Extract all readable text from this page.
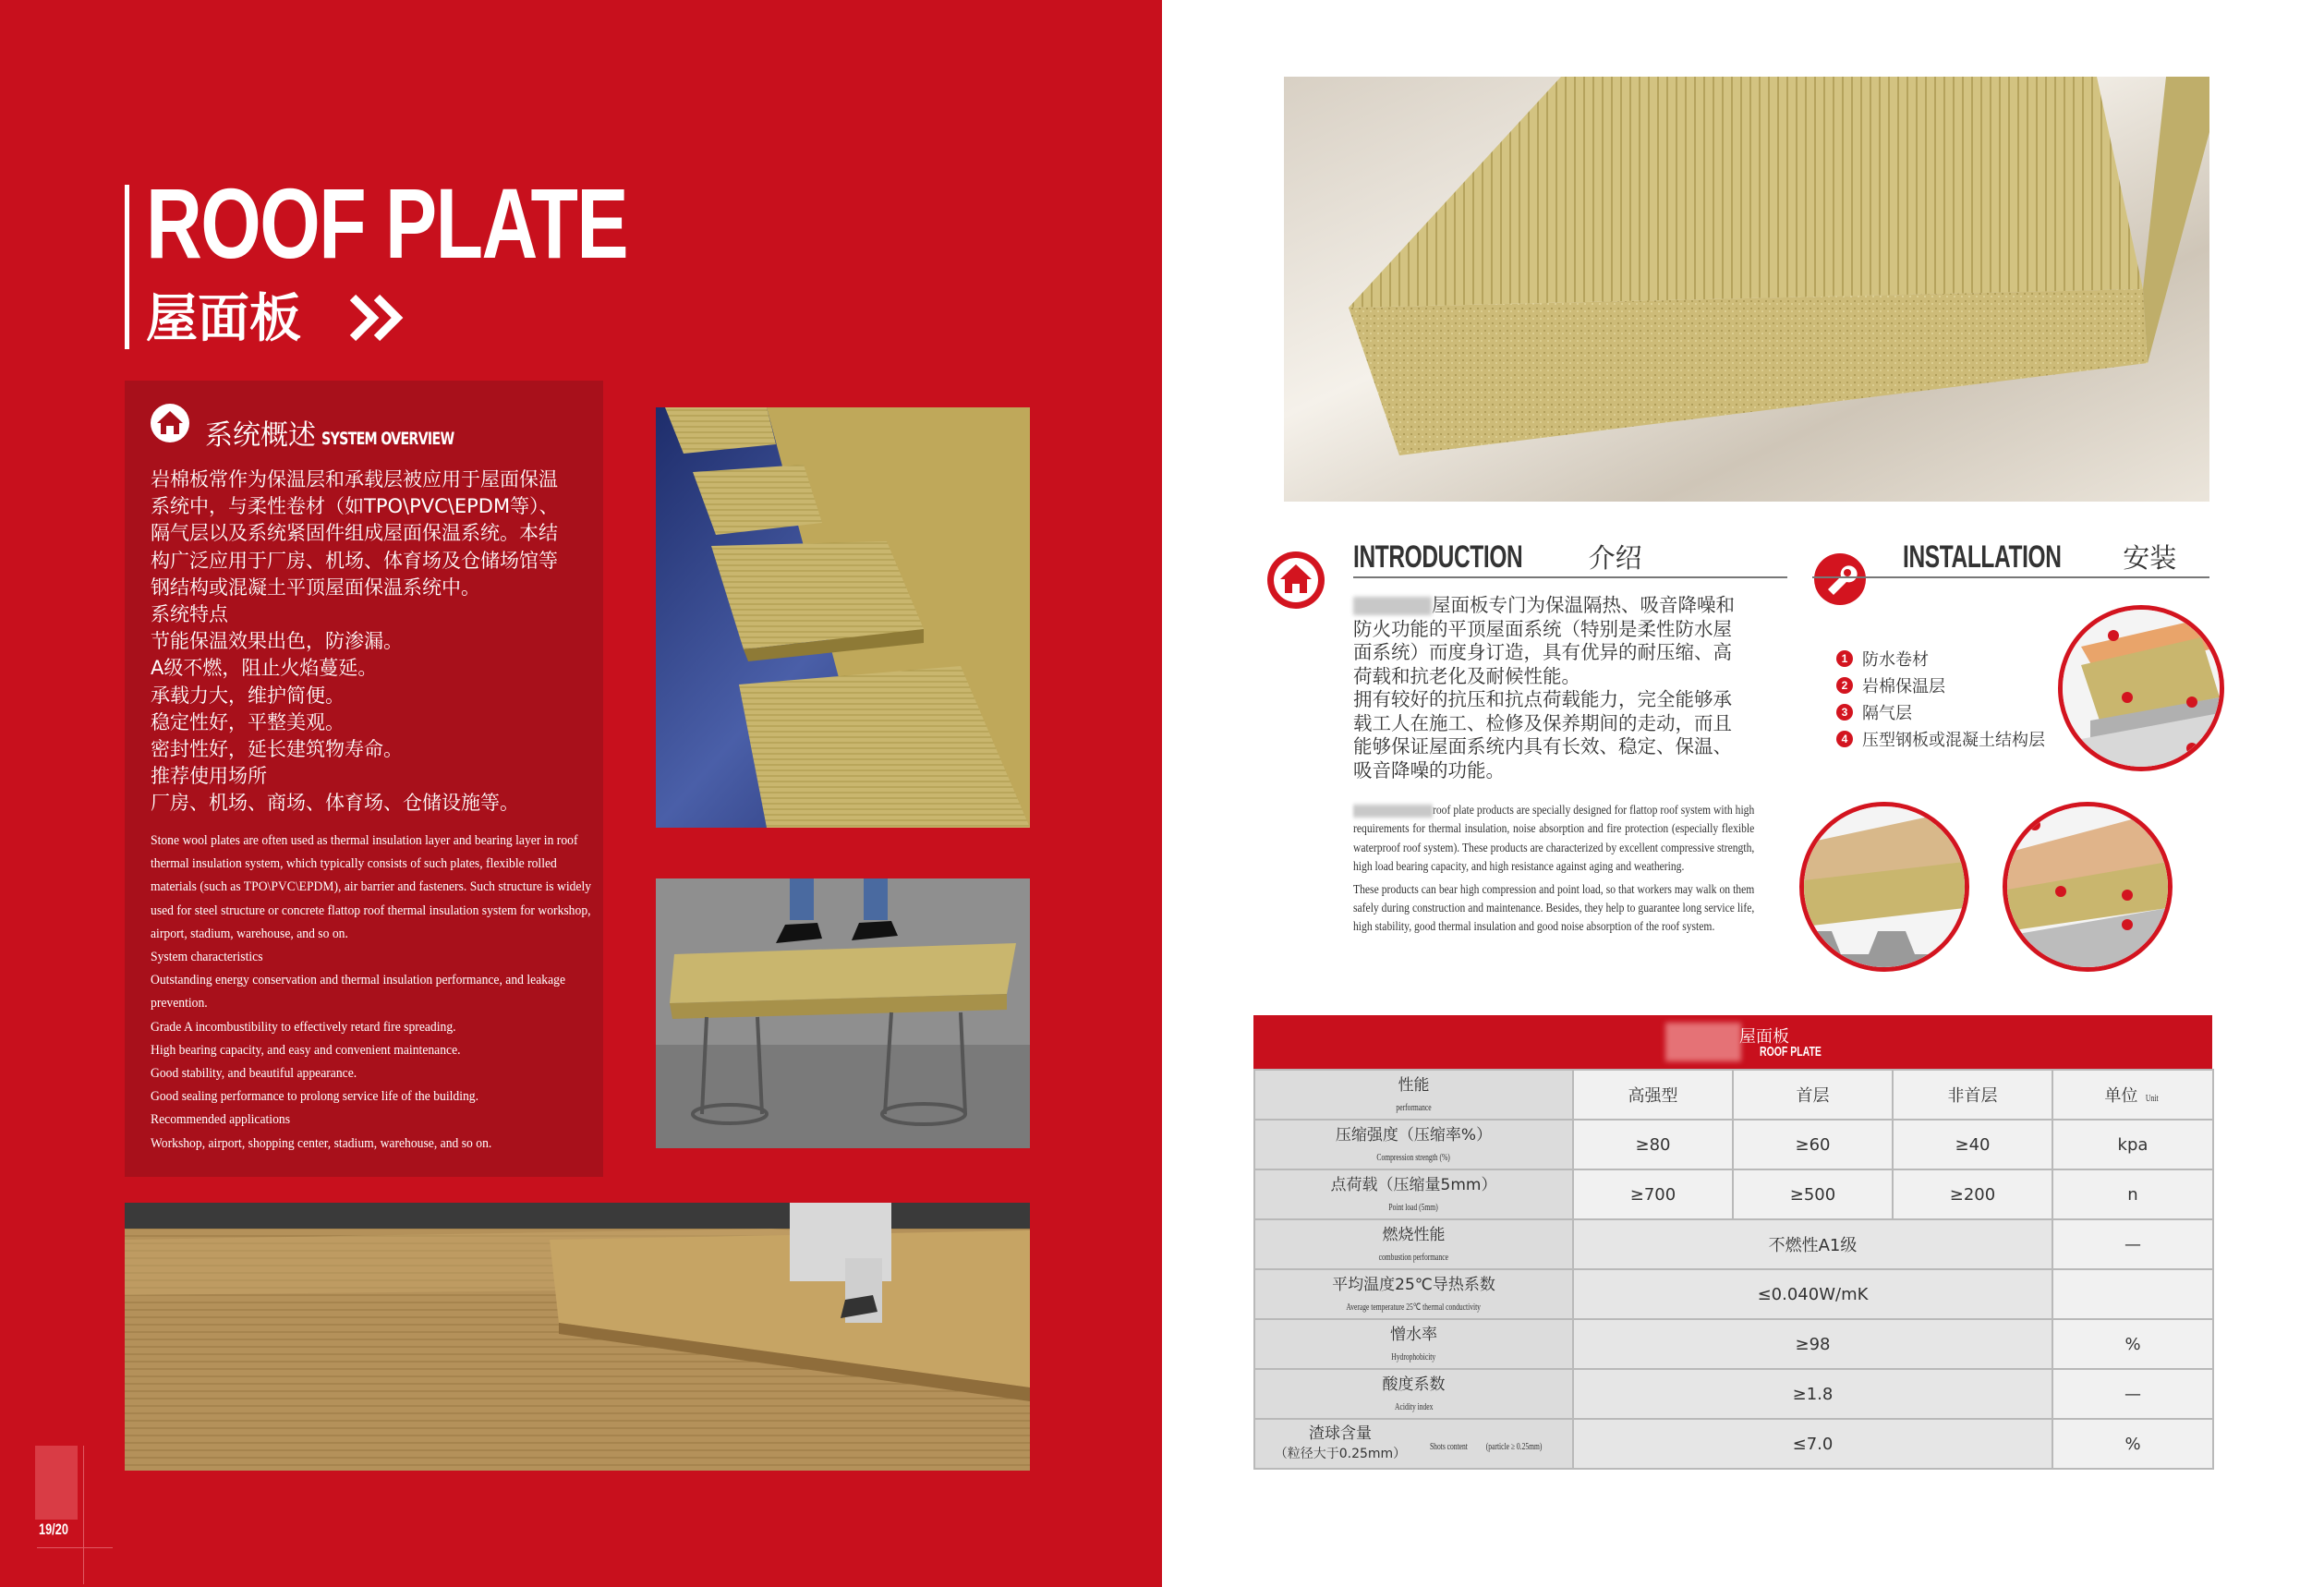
ROOF PLATE
屋面板
系统概述 SYSTEM OVERVIEW
岩棉板常作为保温层和承载层被应用于屋面保温
系统中，与柔性卷材（如TPO\PVC\EPDM等）、
隔气层以及系统紧固件组成屋面保温系统。本结
构广泛应用于厂房、机场、体育场及仓储场馆等
钢结构或混凝土平顶屋面保温系统中。
系统特点
节能保温效果出色，防渗漏。
A级不燃，阻止火焰蔓延。
承载力大，维护简便。
稳定性好，平整美观。
密封性好，延长建筑物寿命。
推荐使用场所
厂房、机场、商场、体育场、仓储设施等。
Stone wool plates are often used as thermal insulation layer and bearing layer in roof
thermal insulation system, which typically consists of such plates, flexible rolled
materials (such as TPO\PVC\EPDM), air barrier and fasteners. Such structure is widely
used for steel structure or concrete flattop roof thermal insulation system for workshop,
airport, stadium, warehouse, and so on.
System characteristics
Outstanding energy conservation and thermal insulation performance, and leakage
prevention.
Grade A incombustibility to effectively retard fire spreading.
High bearing capacity, and easy and convenient maintenance.
Good stability, and beautiful appearance.
Good sealing performance to prolong service life of the building.
Recommended applications
Workshop, airport, shopping center, stadium, warehouse, and so on.
19/20
INTRODUCTION 介绍	INSTALLATION 安装
屋面板专门为保温隔热、吸音降噪和
防火功能的平顶屋面系统（特别是柔性防水屋
面系统）而度身订造，具有优异的耐压缩、高
荷载和抗老化及耐候性能。
拥有较好的抗压和抗点荷载能力，完全能够承
载工人在施工、检修及保养期间的走动，而且
能够保证屋面系统内具有长效、稳定、保温、
吸音降噪的功能。
roof plate products are specially designed for flattop roof system with high requirements for thermal insulation, noise absorption and fire protection (especially flexible waterproof roof system). These products are characterized by excellent compressive strength, high load bearing capacity, and high resistance against aging and weathering.
These products can bear high compression and point load, so that workers may walk on them safely during construction and maintenance. Besides, they help to guarantee long service life, high stability, good thermal insulation and good noise absorption of the roof system.
1 防水卷材
2 岩棉保温层
3 隔气层
4 压型钢板或混凝土结构层
屋面板
ROOF PLATE
性能
performance	高强型	首层	非首层	单位 Unit

压缩强度（压缩率%）
Compression strength (%)	≥80	≥60	≥40	kpa

点荷载（压缩量5mm）
Point load (5mm)	≥700	≥500	≥200	n

燃烧性能
combustion performance	不燃性A1级			—

平均温度25℃导热系数
Average temperature 25℃ thermal conductivity	≤0.040W/mK			

憎水率
Hydrophobicity	≥98			%

酸度系数
Acidity index	≥1.8			—

渣球含量
（粒径大于0.25mm） Shots content (particle ≥ 0.25mm)	≤7.0			%
